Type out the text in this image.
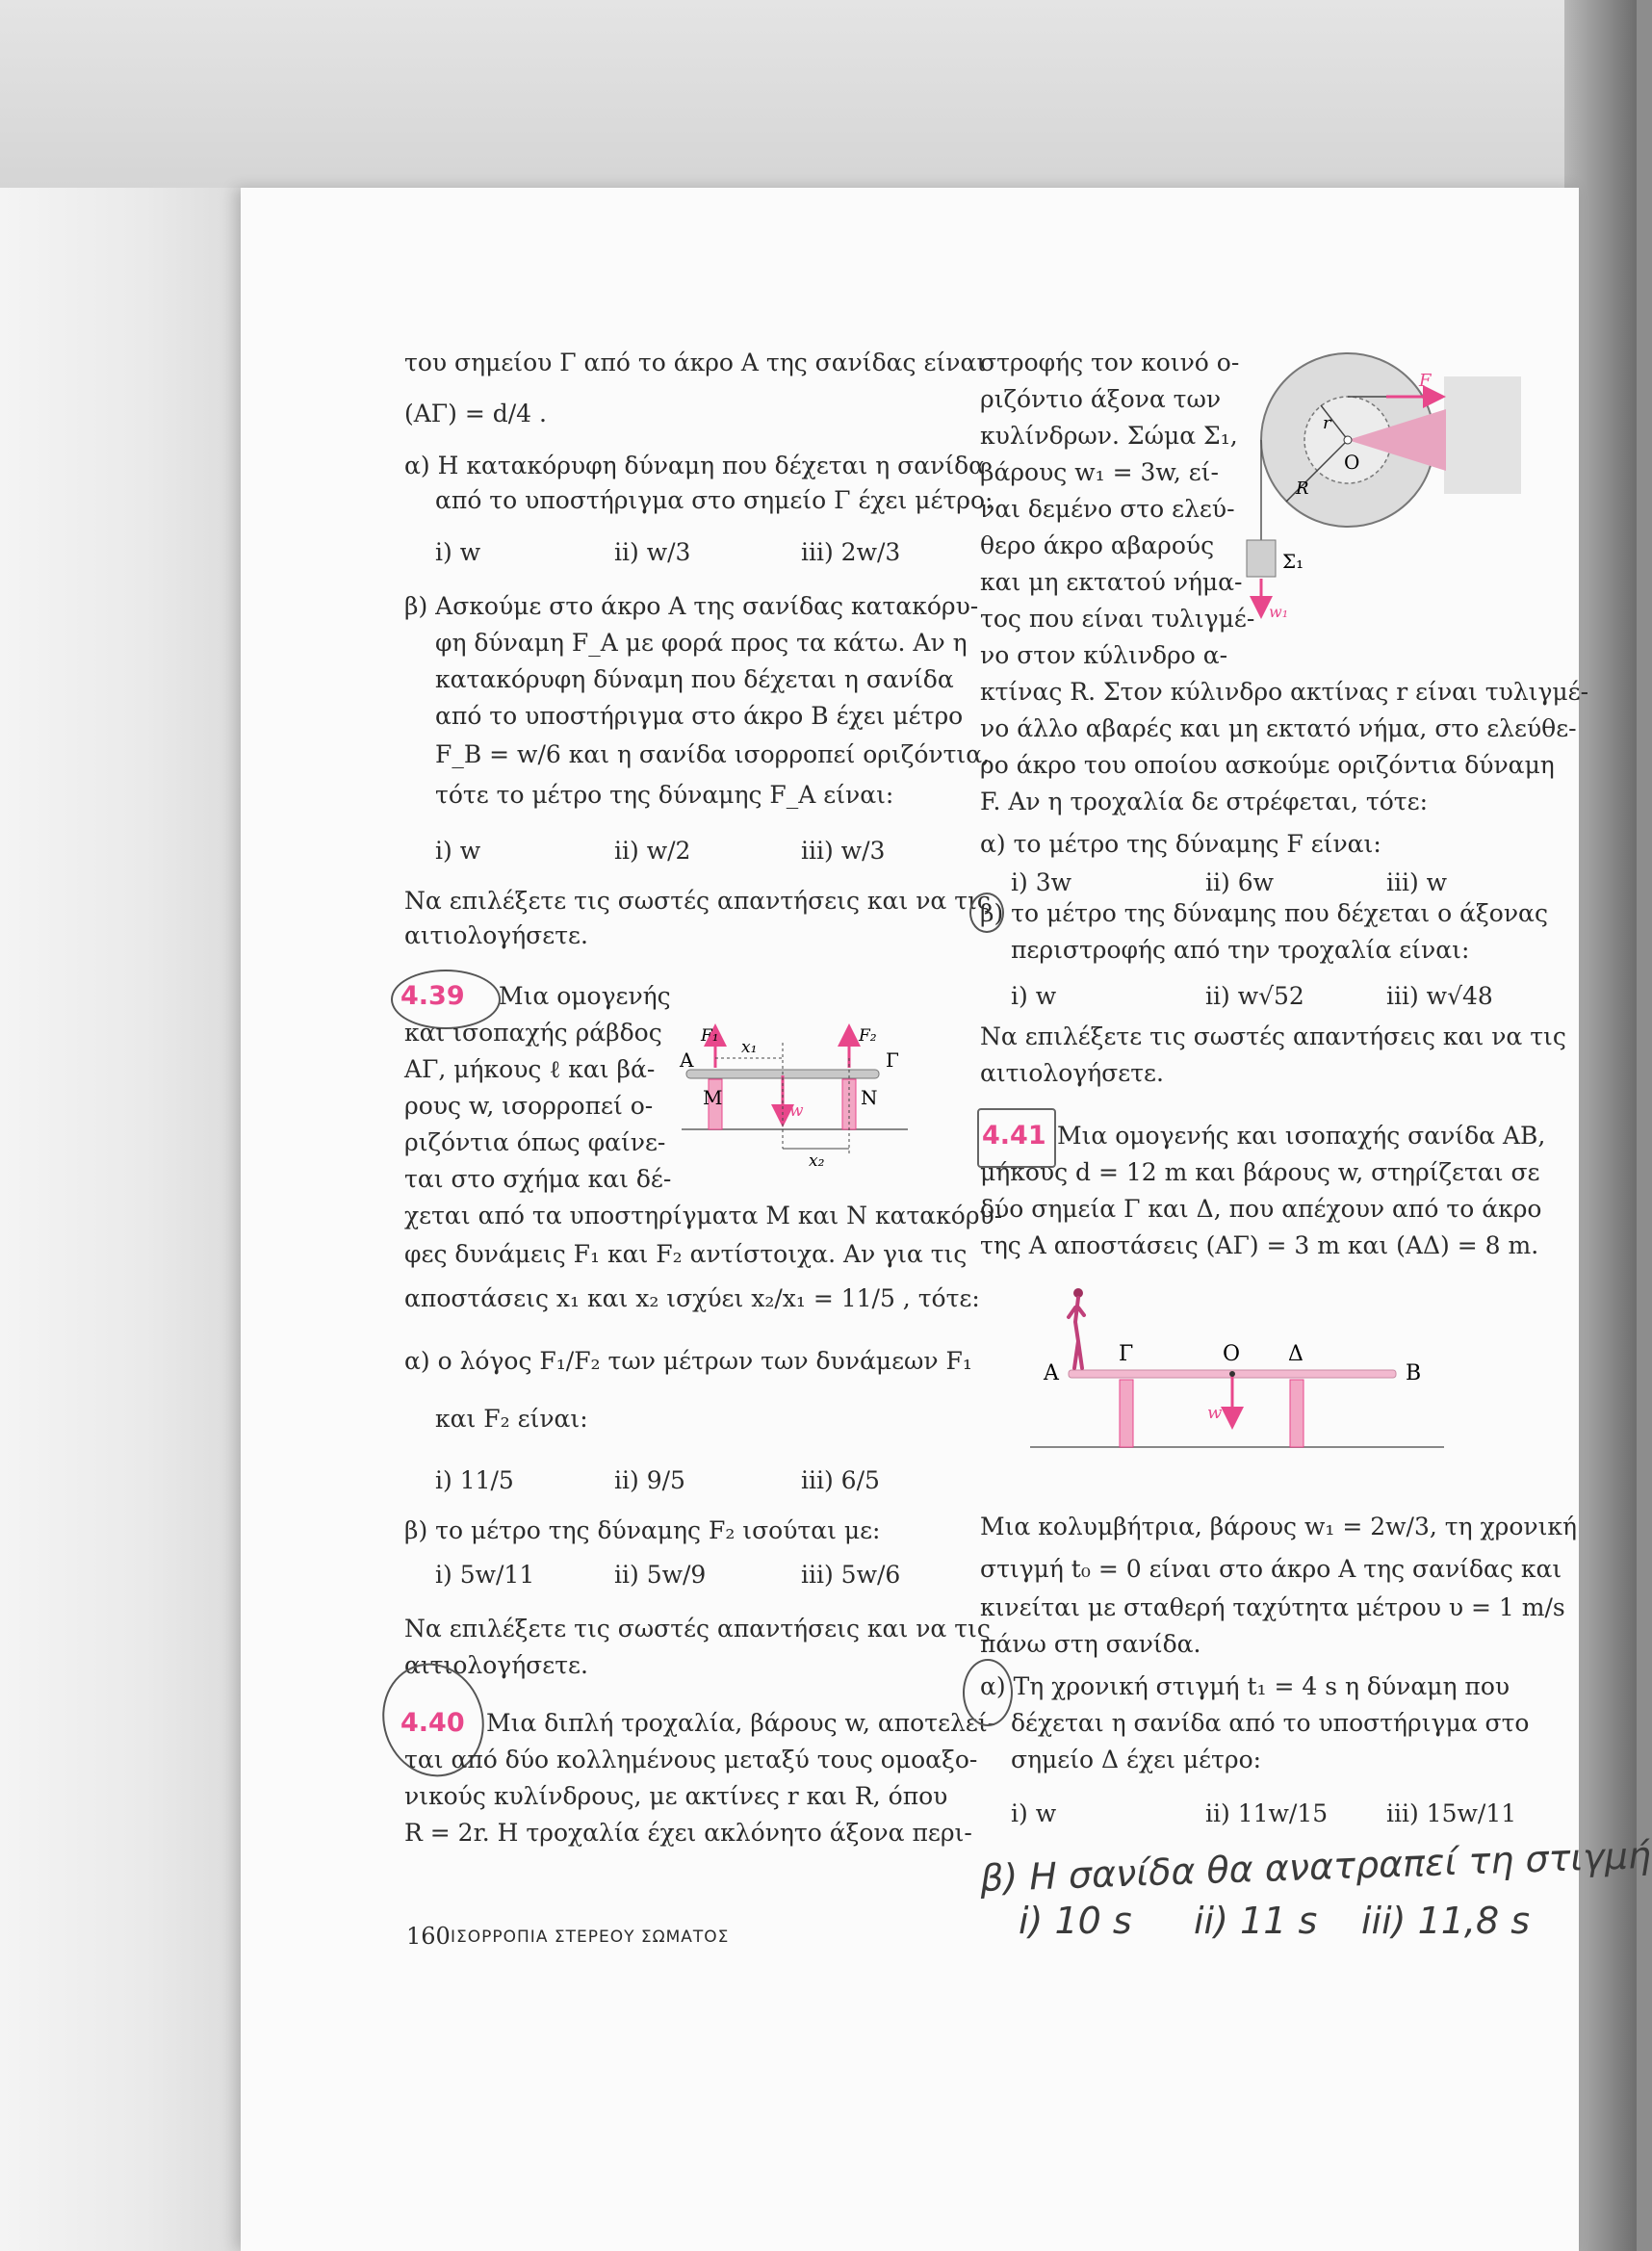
του σημείου Γ από το άκρο Α της σανίδας είναι
(ΑΓ) = d/4 .
α) Η κατακόρυφη δύναμη που δέχεται η σανίδα
από το υποστήριγμα στο σημείο Γ έχει μέτρο:
i) w	ii) w/3	iii) 2w/3
β) Ασκούμε στο άκρο Α της σανίδας κατακόρυ-
φη δύναμη F_A με φορά προς τα κάτω. Αν η
κατακόρυφη δύναμη που δέχεται η σανίδα
από το υποστήριγμα στο άκρο Β έχει μέτρο
F_B = w/6 και η σανίδα ισορροπεί οριζόντια,
τότε το μέτρο της δύναμης F_A είναι:
i) w	ii) w/2	iii) w/3
Να επιλέξετε τις σωστές απαντήσεις και να τις
αιτιολογήσετε.
4.39 Μια ομογενής
και ισοπαχής ράβδος
ΑΓ, μήκους ℓ και βά-
ρους w, ισορροπεί ο-
ριζόντια όπως φαίνε-
ται στο σχήμα και δέ-
Α	Γ
Μ	Ν
F₁	F₂
x₁
x₂
w
χεται από τα υποστηρίγματα Μ και Ν κατακόρυ-
φες δυνάμεις F₁ και F₂ αντίστοιχα. Αν για τις
αποστάσεις x₁ και x₂ ισχύει x₂/x₁ = 11/5 , τότε:
α) ο λόγος F₁/F₂ των μέτρων των δυνάμεων F₁
και F₂ είναι:
i) 11/5	ii) 9/5	iii) 6/5
β) το μέτρο της δύναμης F₂ ισούται με:
i) 5w/11	ii) 5w/9	iii) 5w/6
Να επιλέξετε τις σωστές απαντήσεις και να τις
αιτιολογήσετε.
4.40 Μια διπλή τροχαλία, βάρους w, αποτελεί-
ται από δύο κολλημένους μεταξύ τους ομοαξο-
νικούς κυλίνδρους, με ακτίνες r και R, όπου
R = 2r. Η τροχαλία έχει ακλόνητο άξονα περι-
160 ΙΣΟΡΡΟΠΙΑ ΣΤΕΡΕΟΥ ΣΩΜΑΤΟΣ
στροφής τον κοινό ο-
ριζόντιο άξονα των
κυλίνδρων. Σώμα Σ₁,
βάρους w₁ = 3w, εί-
ναι δεμένο στο ελεύ-
θερο άκρο αβαρούς
και μη εκτατού νήμα-
τος που είναι τυλιγμέ-
νο στον κύλινδρο α-
F
r
O
R
Σ₁
w₁
κτίνας R. Στον κύλινδρο ακτίνας r είναι τυλιγμέ-
νο άλλο αβαρές και μη εκτατό νήμα, στο ελεύθε-
ρο άκρο του οποίου ασκούμε οριζόντια δύναμη
F. Αν η τροχαλία δε στρέφεται, τότε:
α) το μέτρο της δύναμης F είναι:
i) 3w	ii) 6w	iii) w
β) το μέτρο της δύναμης που δέχεται ο άξονας
περιστροφής από την τροχαλία είναι:
i) w	ii) w√52	iii) w√48
Να επιλέξετε τις σωστές απαντήσεις και να τις
αιτιολογήσετε.
4.41 Μια ομογενής και ισοπαχής σανίδα ΑΒ,
μήκους d = 12 m και βάρους w, στηρίζεται σε
δύο σημεία Γ και Δ, που απέχουν από το άκρο
της Α αποστάσεις (ΑΓ) = 3 m και (ΑΔ) = 8 m.
Α
Γ	Ο Δ
Β
w
Μια κολυμβήτρια, βάρους w₁ = 2w/3, τη χρονική
στιγμή t₀ = 0 είναι στο άκρο Α της σανίδας και
κινείται με σταθερή ταχύτητα μέτρου υ = 1 m/s
πάνω στη σανίδα.
α) Τη χρονική στιγμή t₁ = 4 s η δύναμη που
δέχεται η σανίδα από το υποστήριγμα στο
σημείο Δ έχει μέτρο:
i) w	ii) 11w/15 iii) 15w/11
β) Η σανίδα θα ανατραπεί τη στιγμή
i) 10 s ii) 11 s iii) 11,8 s
